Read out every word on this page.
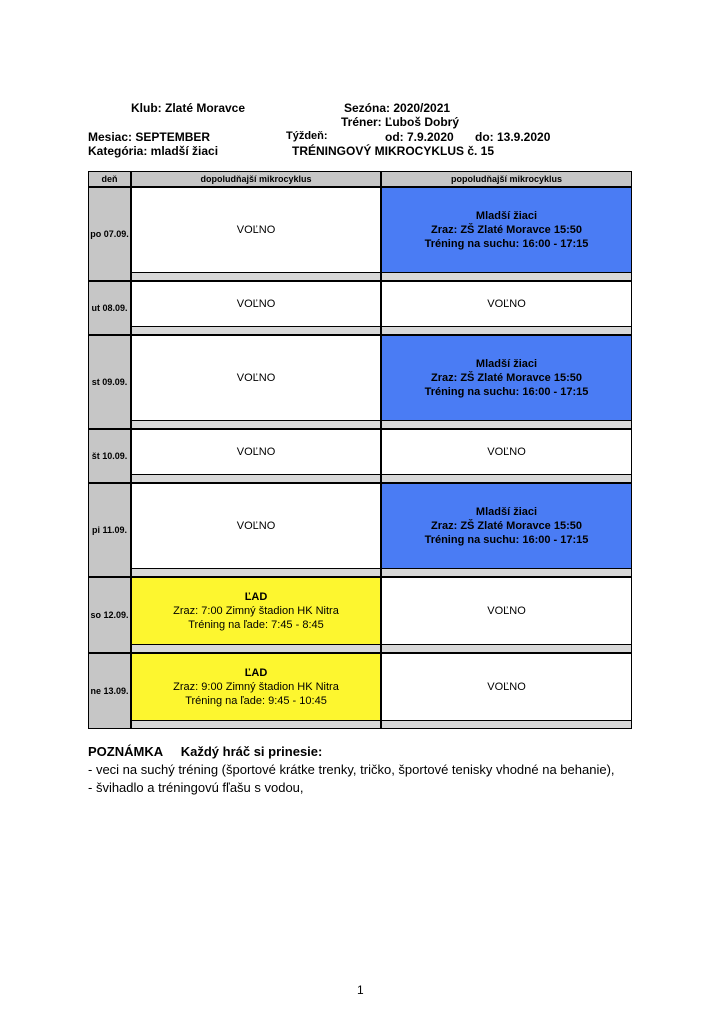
Klub: Zlaté Moravce	Sezóna: 2020/2021
Tréner: Ľuboš Dobrý
Mesiac: SEPTEMBER	Týždeň:	od: 7.9.2020 do: 13.9.2020
Kategória: mladší žiaci	TRÉNINGOVÝ MIKROCYKLUS č. 15
deň	dopoludňajší mikrocyklus	popoludňajší mikrocyklus
po 07.09.	VOĽNO	Mladší žiaci
Zraz: ZŠ Zlaté Moravce 15:50
Tréning na suchu: 16:00 - 17:15

ut 08.09.	VOĽNO	VOĽNO

st 09.09.	VOĽNO	Mladší žiaci
Zraz: ZŠ Zlaté Moravce 15:50
Tréning na suchu: 16:00 - 17:15

št 10.09.	VOĽNO	VOĽNO

pi 11.09.	VOĽNO	Mladší žiaci
Zraz: ZŠ Zlaté Moravce 15:50
Tréning na suchu: 16:00 - 17:15

so 12.09.	ĽAD
Zraz: 7:00 Zimný štadion HK Nitra
Tréning na ľade: 7:45 - 8:45	VOĽNO

ne 13.09.	ĽAD
Zraz: 9:00 Zimný štadion HK Nitra
Tréning na ľade: 9:45 - 10:45	VOĽNO
POZNÁMKA Každý hráč si prinesie:
- veci na suchý tréning (športové krátke trenky, tričko, športové tenisky vhodné na behanie),
- švihadlo a tréningovú fľašu s vodou,
1
